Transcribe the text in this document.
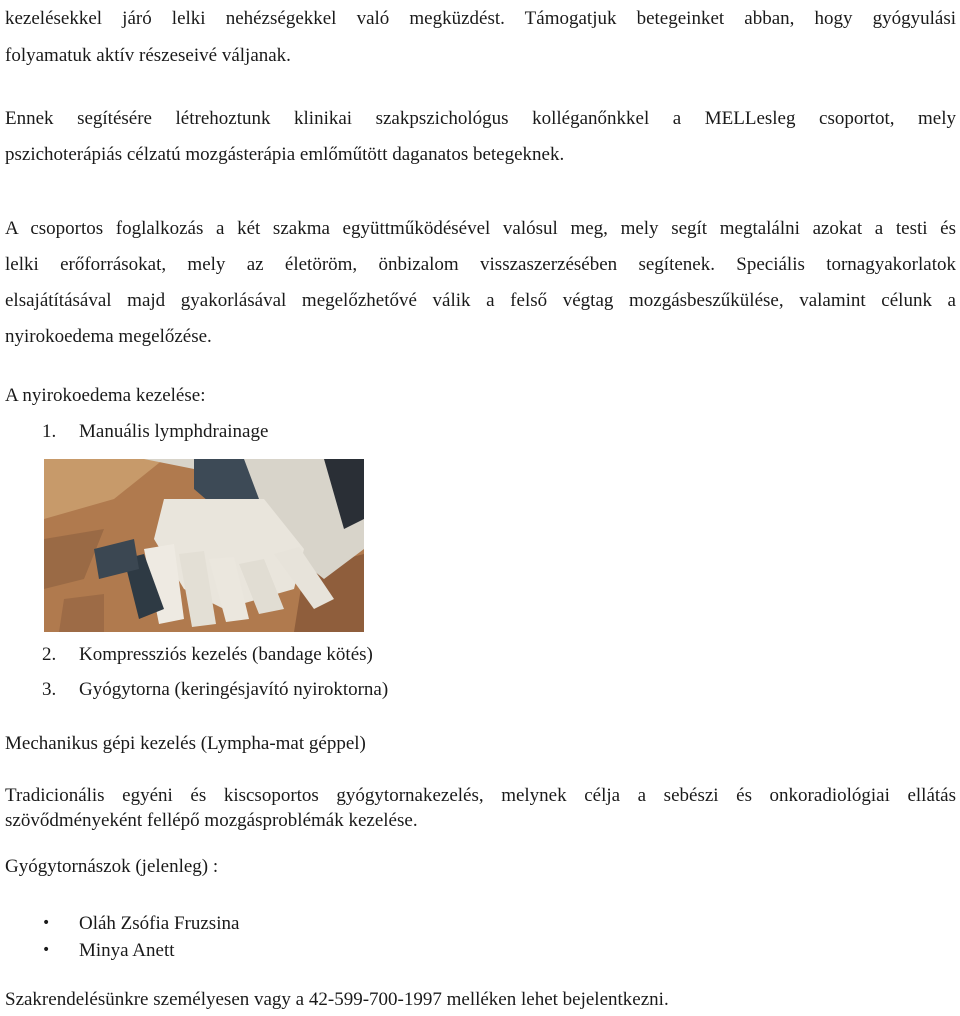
kezelésekkel járó lelki nehézségekkel való megküzdést. Támogatjuk betegeinket abban, hogy gyógyulási

folyamatuk aktív részeseivé váljanak.

Ennek segítésére létrehoztunk klinikai szakpszichológus kolléganőnkkel a MELLesleg csoportot, mely

pszichoterápiás célzatú mozgásterápia emlőműtött daganatos betegeknek.

A csoportos foglalkozás a két szakma együttműködésével valósul meg, mely segít megtalálni azokat a testi és

lelki erőforrásokat, mely az életöröm, önbizalom visszaszerzésében segítenek. Speciális tornagyakorlatok

elsajátításával majd gyakorlásával megelőzhetővé válik a felső végtag mozgásbeszűkülése, valamint célunk a

nyirokoedema megelőzése.

A nyirokoedema kezelése:

1. Manuális lymphdrainage
2. Kompressziós kezelés (bandage kötés)
3. Gyógytorna (keringésjavító nyiroktorna)

Mechanikus gépi kezelés (Lympha-mat géppel)

Tradicionális egyéni és kiscsoportos gyógytornakezelés, melynek célja a sebészi és onkoradiológiai ellátás

szövődményeként fellépő mozgásproblémák kezelése.

Gyógytornászok (jelenleg) :

• Oláh Zsófia Fruzsina
• Minya Anett

Szakrendelésünkre személyesen vagy a 42-599-700-1997 melléken lehet bejelentkezni.
